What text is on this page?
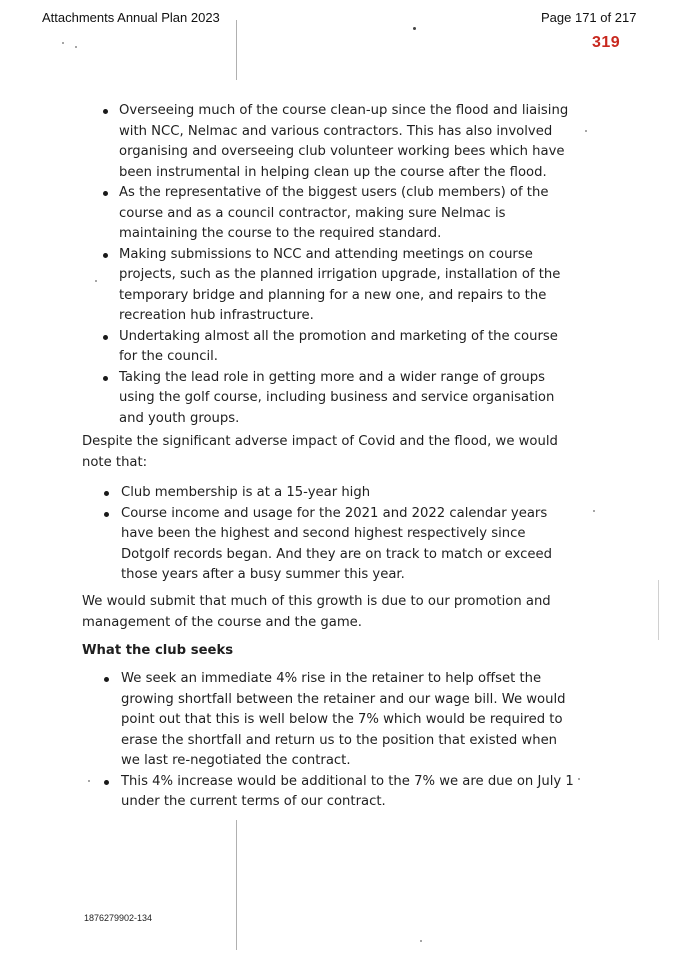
Attachments Annual Plan 2023	Page 171 of 217
319
Overseeing much of the course clean-up since the flood and liaising with NCC, Nelmac and various contractors. This has also involved organising and overseeing club volunteer working bees which have been instrumental in helping clean up the course after the flood.
As the representative of the biggest users (club members) of the course and as a council contractor, making sure Nelmac is maintaining the course to the required standard.
Making submissions to NCC and attending meetings on course projects, such as the planned irrigation upgrade, installation of the temporary bridge and planning for a new one, and repairs to the recreation hub infrastructure.
Undertaking almost all the promotion and marketing of the course for the council.
Taking the lead role in getting more and a wider range of groups using the golf course, including business and service organisation and youth groups.
Despite the significant adverse impact of Covid and the flood, we would note that:
Club membership is at a 15-year high
Course income and usage for the 2021 and 2022 calendar years have been the highest and second highest respectively since Dotgolf records began. And they are on track to match or exceed those years after a busy summer this year.
We would submit that much of this growth is due to our promotion and management of the course and the game.
What the club seeks
We seek an immediate 4% rise in the retainer to help offset the growing shortfall between the retainer and our wage bill. We would point out that this is well below the 7% which would be required to erase the shortfall and return us to the position that existed when we last re-negotiated the contract.
This 4% increase would be additional to the 7% we are due on July 1 under the current terms of our contract.
1876279902-134
